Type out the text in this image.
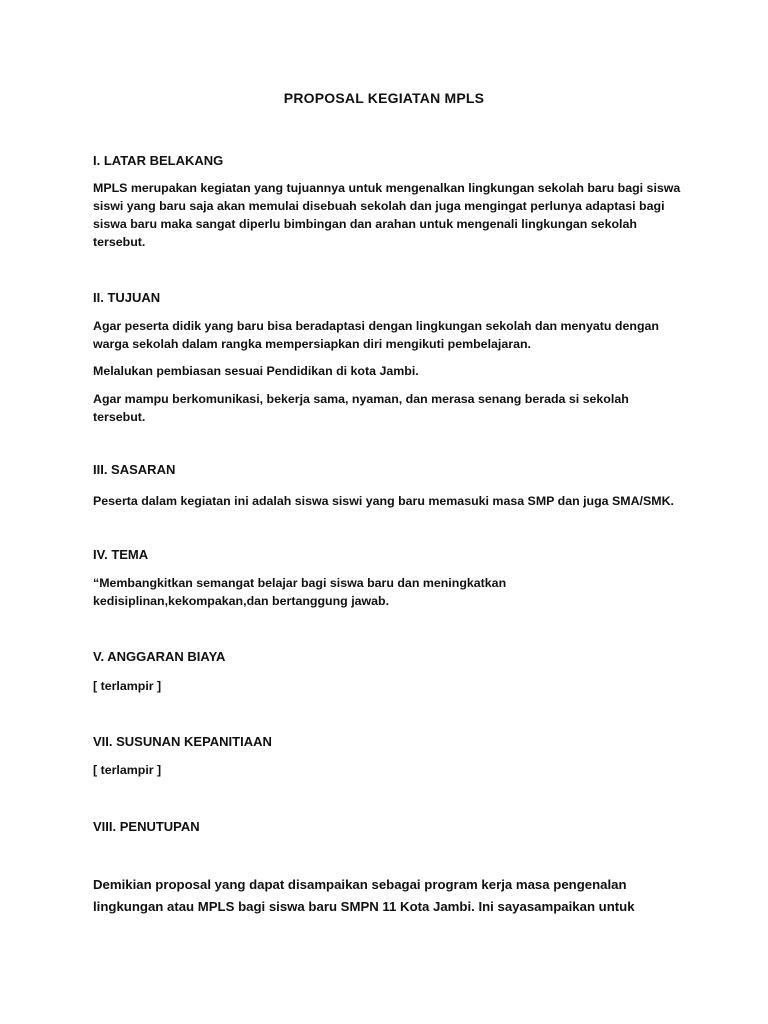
PROPOSAL KEGIATAN MPLS
I. LATAR BELAKANG
MPLS merupakan kegiatan yang tujuannya untuk mengenalkan lingkungan sekolah baru bagi siswa siswi yang baru saja akan memulai disebuah sekolah dan juga mengingat perlunya adaptasi bagi siswa baru maka sangat diperlu bimbingan dan arahan untuk mengenali lingkungan sekolah tersebut.
II. TUJUAN
Agar peserta didik yang baru bisa beradaptasi dengan lingkungan sekolah dan menyatu dengan warga sekolah dalam rangka mempersiapkan diri mengikuti pembelajaran.
Melalukan pembiasan sesuai Pendidikan di kota Jambi.
Agar mampu berkomunikasi, bekerja sama, nyaman, dan merasa senang berada si sekolah tersebut.
III. SASARAN
Peserta dalam kegiatan ini adalah siswa siswi yang baru memasuki masa SMP dan juga SMA/SMK.
IV. TEMA
“Membangkitkan semangat belajar bagi siswa baru dan meningkatkan kedisiplinan,kekompakan,dan bertanggung jawab.
V. ANGGARAN BIAYA
[ terlampir ]
VII. SUSUNAN KEPANITIAAN
[ terlampir ]
VIII. PENUTUPAN
Demikian proposal yang dapat disampaikan sebagai program kerja masa pengenalan lingkungan atau MPLS bagi siswa baru SMPN 11 Kota Jambi. Ini sayasampaikan untuk
